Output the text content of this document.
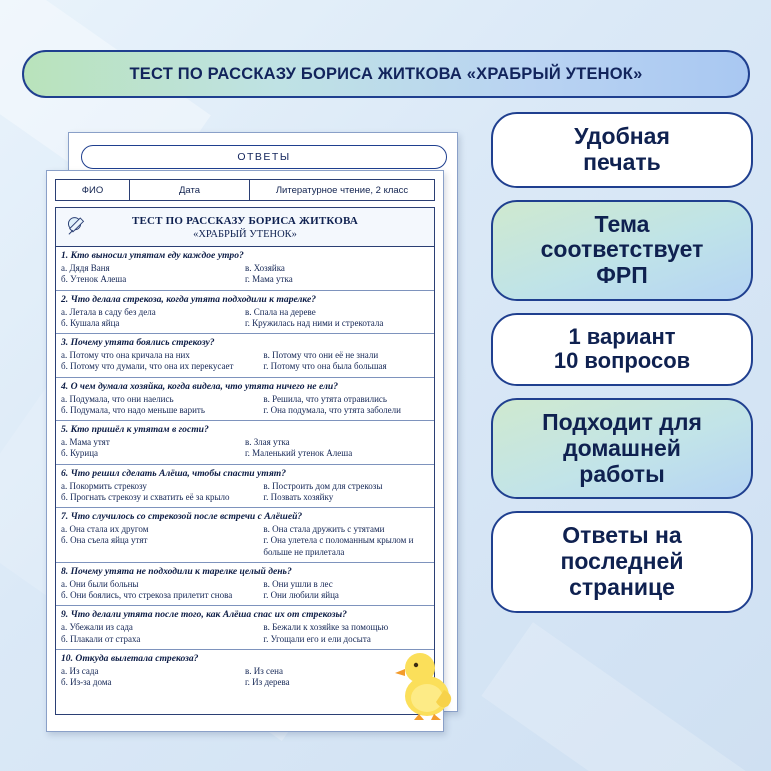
ТЕСТ ПО РАССКАЗУ БОРИСА ЖИТКОВА «ХРАБРЫЙ УТЕНОК»
Удобная
печать
Тема
соответствует
ФРП
1 вариант
10 вопросов
Подходит для
домашней
работы
Ответы на
последней
странице
ОТВЕТЫ
ФИО	Дата	Литературное чтение, 2 класс
ТЕСТ ПО РАССКАЗУ БОРИСА ЖИТКОВА
«ХРАБРЫЙ УТЕНОК»
1. Кто выносил утятам еду каждое утро?
а. Дядя Ваня	в. Хозяйка
б. Утенок Алеша	г. Мама утка
2. Что делала стрекоза, когда утята подходили к тарелке?
а. Летала в саду без дела	в. Спала на дереве
б. Кушала яйца	г. Кружилась над ними и стрекотала
3. Почему утята боялись стрекозу?
а. Потому что она кричала на них	в. Потому что они её не знали
б. Потому что думали, что она их перекусает	г. Потому что она была большая
4. О чем думала хозяйка, когда видела, что утята ничего не ели?
а. Подумала, что они наелись	в. Решила, что утята отравились
б. Подумала, что надо меньше варить	г. Она подумала, что утята заболели
5. Кто пришёл к утятам в гости?
а. Мама утят	в. Злая утка
б. Курица	г. Маленький утенок Алеша
6. Что решил сделать Алёша, чтобы спасти утят?
а. Покормить стрекозу	в. Построить дом для стрекозы
б. Прогнать стрекозу и схватить её за крыло	г. Позвать хозяйку
7. Что случилось со стрекозой после встречи с Алёшей?
а. Она стала их другом	в. Она стала дружить с утятами
б. Она съела яйца утят	г. Она улетела с поломанным крылом и больше не прилетала
8. Почему утята не подходили к тарелке целый день?
а. Они были больны	в. Они ушли в лес
б. Они боялись, что стрекоза прилетит снова	г. Они любили яйца
9. Что делали утята после того, как Алёша спас их от стрекозы?
а. Убежали из сада	в. Бежали к хозяйке за помощью
б. Плакали от страха	г. Угощали его и ели досыта
10. Откуда вылетала стрекоза?
а. Из сада	в. Из сена
б. Из-за дома	г. Из дерева
